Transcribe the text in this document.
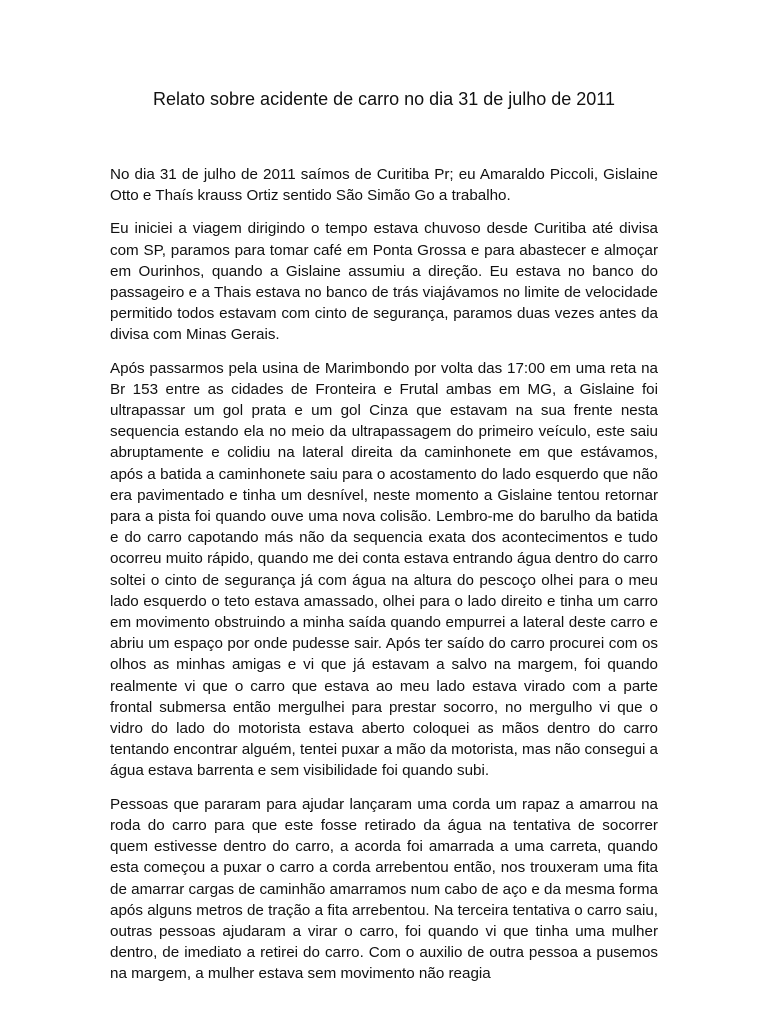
Relato sobre acidente de carro no dia 31 de julho de 2011

No dia 31 de julho de 2011 saímos de Curitiba Pr; eu Amaraldo Piccoli, Gislaine Otto e Thaís krauss Ortiz sentido São Simão Go a trabalho.

Eu iniciei a viagem dirigindo o tempo estava chuvoso desde Curitiba até divisa com SP, paramos para tomar café em Ponta Grossa e para abastecer e almoçar em Ourinhos, quando a Gislaine assumiu a direção. Eu estava no banco do passageiro e a Thais estava no banco de trás viajávamos no limite de velocidade permitido todos estavam com cinto de segurança, paramos duas vezes antes da divisa com Minas Gerais.

Após passarmos pela usina de Marimbondo por volta das 17:00 em uma reta na Br 153 entre as cidades de Fronteira e Frutal ambas em MG, a Gislaine foi ultrapassar um gol prata e um gol Cinza que estavam na sua frente nesta sequencia estando ela no meio da ultrapassagem do primeiro veículo, este saiu abruptamente e colidiu na lateral direita da caminhonete em que estávamos, após a batida a caminhonete saiu para o acostamento do lado esquerdo que não era pavimentado e tinha um desnível, neste momento a Gislaine tentou retornar para a pista foi quando ouve uma nova colisão. Lembro-me do barulho da batida e do carro capotando más não da sequencia exata dos acontecimentos e tudo ocorreu muito rápido, quando me dei conta estava entrando água dentro do carro soltei o cinto de segurança já com água na altura do pescoço olhei para o meu lado esquerdo o teto estava amassado, olhei para o lado direito e tinha um carro em movimento obstruindo a minha saída quando empurrei a lateral deste carro e abriu um espaço por onde pudesse sair. Após ter saído do carro procurei com os olhos as minhas amigas e vi que já estavam a salvo na margem, foi quando realmente vi que o carro que estava ao meu lado estava virado com a parte frontal submersa então mergulhei para prestar socorro, no mergulho vi que o vidro do lado do motorista estava aberto coloquei as mãos dentro do carro tentando encontrar alguém, tentei puxar a mão da motorista, mas não consegui a água estava barrenta e sem visibilidade foi quando subi.

Pessoas que pararam para ajudar lançaram uma corda um rapaz a amarrou na roda do carro para que este fosse retirado da água na tentativa de socorrer quem estivesse dentro do carro, a acorda foi amarrada a uma carreta, quando esta começou a puxar o carro a corda arrebentou então, nos trouxeram uma fita de amarrar cargas de caminhão amarramos num cabo de aço e da mesma forma após alguns metros de tração a fita arrebentou. Na terceira tentativa o carro saiu, outras pessoas ajudaram a virar o carro, foi quando vi que tinha uma mulher dentro, de imediato a retirei do carro. Com o auxilio de outra pessoa a pusemos na margem, a mulher estava sem movimento não reagia
